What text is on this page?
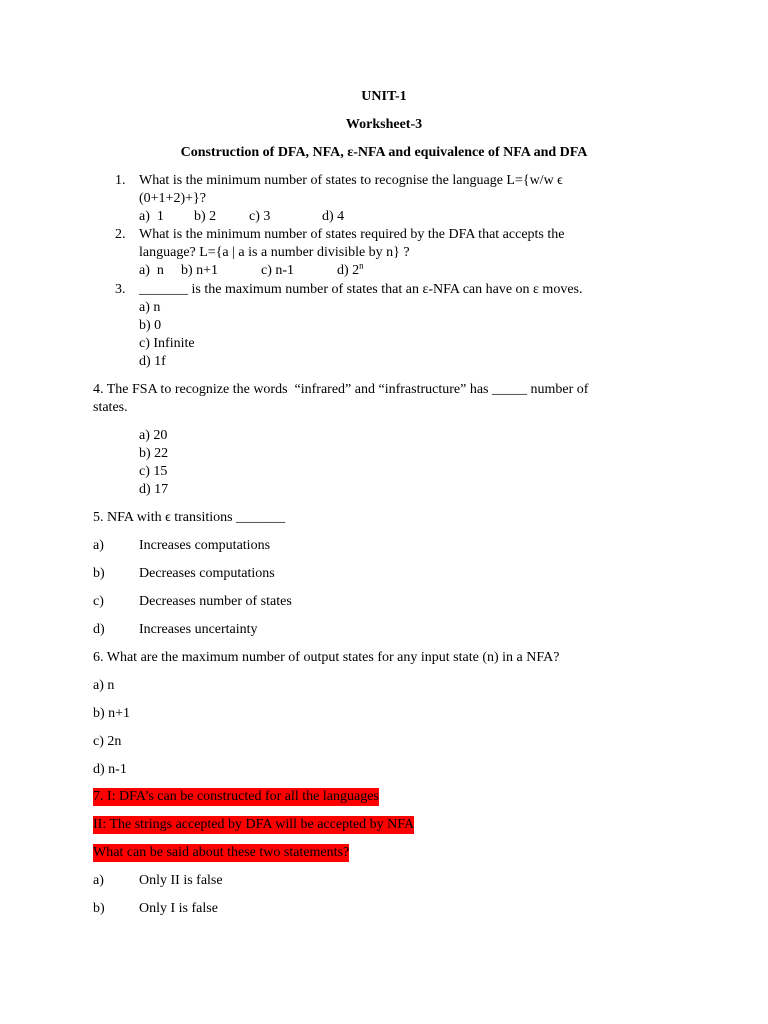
UNIT-1
Worksheet-3
Construction of DFA, NFA, ε-NFA and equivalence of NFA and DFA
1. What is the minimum number of states to recognise the language L={w/w ϵ
(0+1+2)+}?
a)  1 b) 2 c) 3	d) 4
2. What is the minimum number of states required by the DFA that accepts the
language? L={a | a is a number divisible by n} ?
a)  n b) n+1	c) n-1	d) 2$^n$
3. _______ is the maximum number of states that an ε-NFA can have on ε moves.
a) n
b) 0
c) Infinite
d) 1f
4. The FSA to recognize the words  “infrared” and “infrastructure” has _____ number of
states.
a) 20
b) 22
c) 15
d) 17
5. NFA with ϵ transitions _______
a)	Increases computations
b) Decreases computations
c)	Decreases number of states
d) Increases uncertainty
6. What are the maximum number of output states for any input state (n) in a NFA?
a) n
b) n+1
c) 2n
d) n-1
7. I: DFA’s can be constructed for all the languages
II: The strings accepted by DFA will be accepted by NFA
What can be said about these two statements?
a)	Only II is false
b) Only I is false
